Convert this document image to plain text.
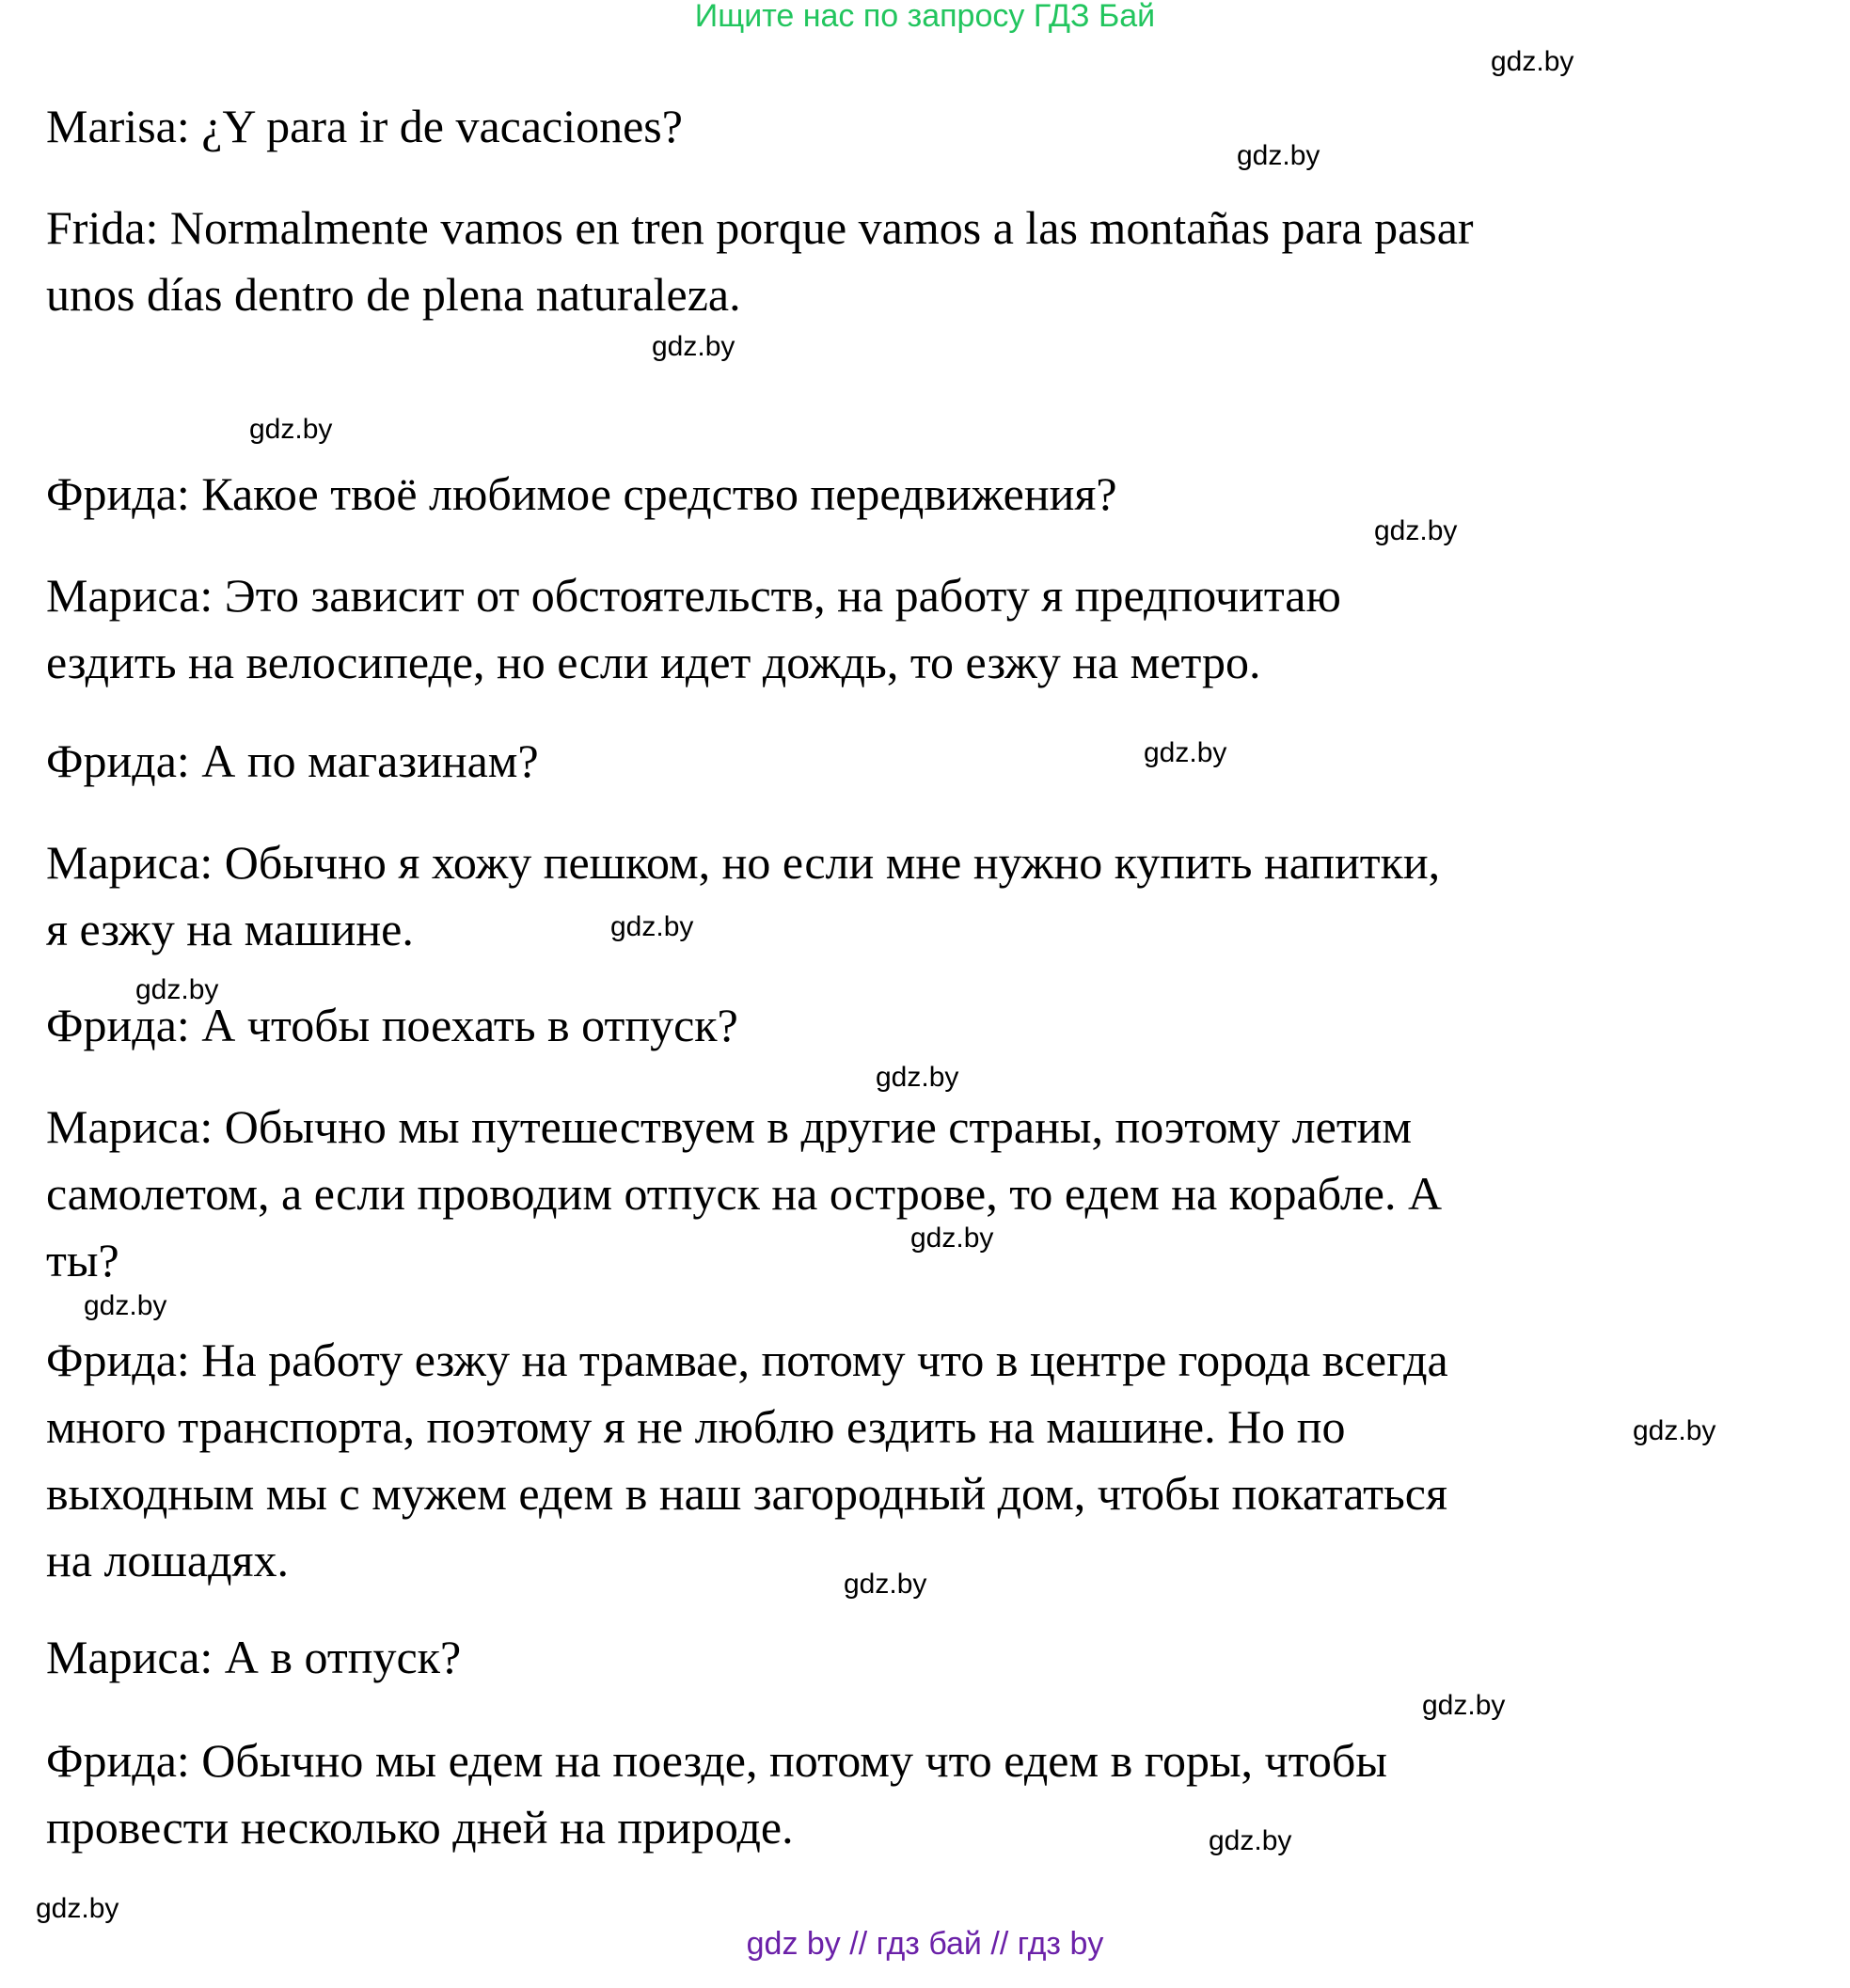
Ищите нас по запросу ГДЗ Бай
Marisa: ¿Y para ir de vacaciones?
Frida: Normalmente vamos en tren porque vamos a las montañas para pasar
unos días dentro de plena naturaleza.
Фрида: Какое твоё любимое средство передвижения?
Мариса: Это зависит от обстоятельств, на работу я предпочитаю
ездить на велосипеде, но если идет дождь, то езжу на метро.
Фрида: А по магазинам?
Мариса: Обычно я хожу пешком, но если мне нужно купить напитки,
я езжу на машине.
Фрида: А чтобы поехать в отпуск?
Мариса: Обычно мы путешествуем в другие страны, поэтому летим
самолетом, а если проводим отпуск на острове, то едем на корабле. А
ты?
Фрида: На работу езжу на трамвае, потому что в центре города всегда
много транспорта, поэтому я не люблю ездить на машине. Но по
выходным мы с мужем едем в наш загородный дом, чтобы покататься
на лошадях.
Мариса: А в отпуск?
Фрида: Обычно мы едем на поезде, потому что едем в горы, чтобы
провести несколько дней на природе.
gdz.by
gdz.by
gdz.by
gdz.by
gdz.by
gdz.by
gdz.by
gdz.by
gdz.by
gdz.by
gdz.by
gdz.by
gdz.by
gdz.by
gdz.by
gdz.by
gdz by // гдз бай // гдз by
